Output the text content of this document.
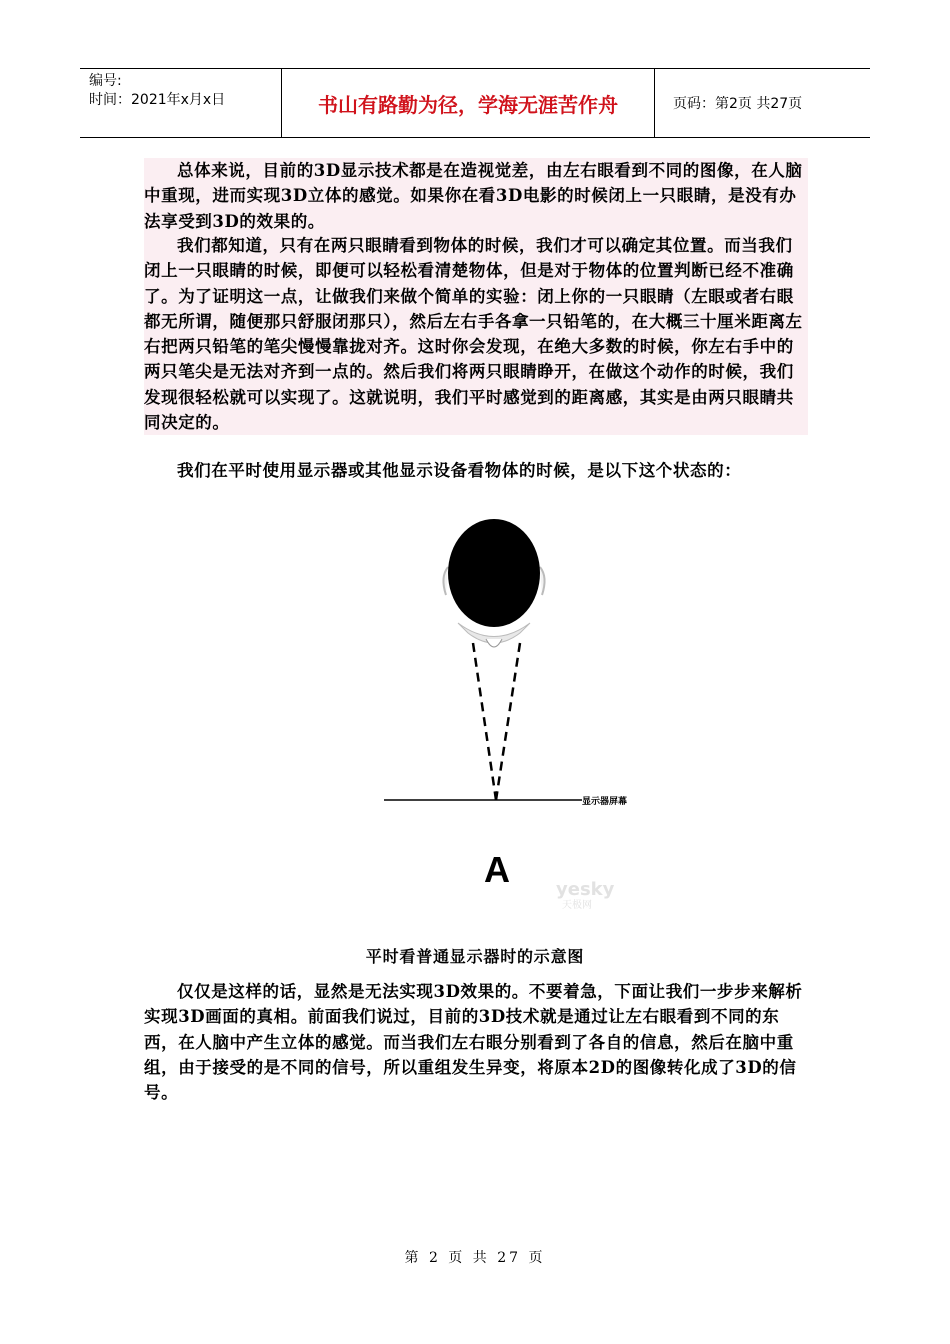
编号:
时间：2021年x月x日	书山有路勤为径，学海无涯苦作舟	页码：第2页 共27页

总体来说，目前的3D显示技术都是在造视觉差，由左右眼看到不同的图像，在人脑中重现，进而实现3D立体的感觉。如果你在看3D电影的时候闭上一只眼睛，是没有办法享受到3D的效果的。

我们都知道，只有在两只眼睛看到物体的时候，我们才可以确定其位置。而当我们闭上一只眼睛的时候，即便可以轻松看清楚物体，但是对于物体的位置判断已经不准确了。为了证明这一点，让做我们来做个简单的实验：闭上你的一只眼睛（左眼或者右眼都无所谓，随便那只舒服闭那只），然后左右手各拿一只铅笔的，在大概三十厘米距离左右把两只铅笔的笔尖慢慢靠拢对齐。这时你会发现，在绝大多数的时候，你左右手中的两只笔尖是无法对齐到一点的。然后我们将两只眼睛睁开，在做这个动作的时候，我们发现很轻松就可以实现了。这就说明，我们平时感觉到的距离感，其实是由两只眼睛共同决定的。

我们在平时使用显示器或其他显示设备看物体的时候，是以下这个状态的：

显示器屏幕
A	yesky
天极网
平时看普通显示器时的示意图

仅仅是这样的话，显然是无法实现3D效果的。不要着急，下面让我们一步步来解析实现3D画面的真相。前面我们说过，目前的3D技术就是通过让左右眼看到不同的东西，在人脑中产生立体的感觉。而当我们左右眼分别看到了各自的信息，然后在脑中重组，由于接受的是不同的信号，所以重组发生异变，将原本2D的图像转化成了3D的信号。

第 2 页 共 27 页
